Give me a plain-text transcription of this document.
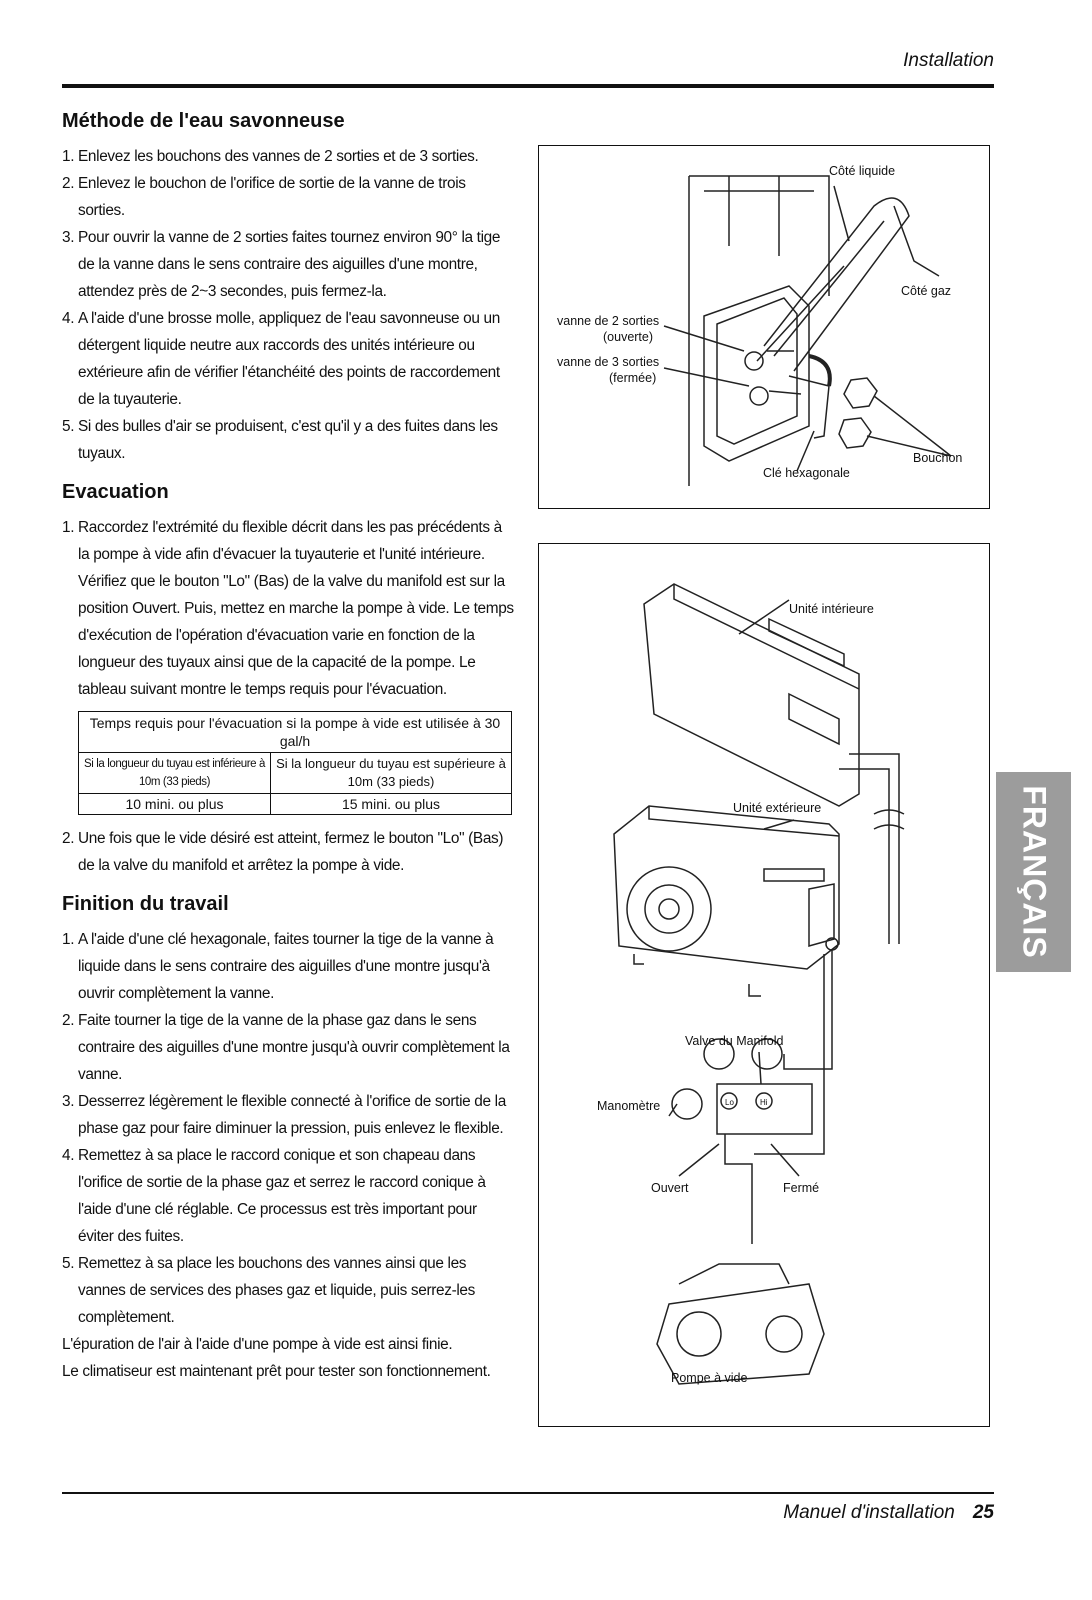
Installation
Méthode de l'eau savonneuse
1. Enlevez les bouchons des vannes de 2 sorties et de 3 sorties.
2. Enlevez le bouchon de l'orifice de sortie de la vanne de trois sorties.
3. Pour ouvrir la vanne de 2 sorties faites tournez environ 90° la tige de la vanne dans le sens contraire des aiguilles d'une montre, attendez près de 2~3 secondes, puis fermez-la.
4. A l'aide d'une brosse molle, appliquez de l'eau savonneuse ou un détergent liquide neutre aux raccords des unités intérieure ou extérieure afin de vérifier l'étanchéité des points de raccordement de la tuyauterie.
5. Si des bulles d'air se produisent, c'est qu'il y a des fuites dans les tuyaux.
Evacuation
1. Raccordez l'extrémité du flexible décrit dans les pas précédents à la pompe à vide afin d'évacuer la tuyauterie et l'unité intérieure. Vérifiez que le bouton "Lo" (Bas) de la valve du manifold est sur la position Ouvert. Puis, mettez en marche la pompe à vide. Le temps d'exécution de l'opération d'évacuation varie en fonction de la longueur des tuyaux ainsi que de la capacité de la pompe. Le tableau suivant montre le temps requis pour l'évacuation.
Temps requis pour l'évacuation si la pompe à vide est utilisée à 30 gal/h	
Si la longueur du tuyau est inférieure à 10m (33 pieds)	Si la longueur du tuyau est supérieure à 10m (33 pieds)
10 mini. ou plus	15 mini. ou plus
2. Une fois que le vide désiré est atteint, fermez le bouton "Lo" (Bas) de la valve du manifold et arrêtez la pompe à vide.
Finition du travail
1. A l'aide d'une clé hexagonale, faites tourner la tige de la vanne à liquide dans le sens contraire des aiguilles d'une montre jusqu'à ouvrir complètement la vanne.
2. Faite tourner la tige de la vanne de la phase gaz dans le sens contraire des aiguilles d'une montre jusqu'à ouvrir complètement la vanne.
3. Desserrez légèrement le flexible connecté à l'orifice de sortie de la phase gaz pour faire diminuer la pression, puis enlevez le flexible.
4. Remettez à sa place le raccord conique et son chapeau dans l'orifice de sortie de la phase gaz et serrez le raccord conique à l'aide d'une clé réglable. Ce processus est très important pour éviter des fuites.
5. Remettez à sa place les bouchons des vannes ainsi que les vannes de services des phases gaz et liquide, puis serrez-les complètement.
L'épuration de l'air à l'aide d'une pompe à vide est ainsi finie.
Le climatiseur est maintenant prêt pour tester son fonctionnement.
Côté liquide
Côté gaz
vanne de 2 sorties
(ouverte)
vanne de 3 sorties
(fermée)
Clé hexagonale
Bouchon
Unité intérieure
Unité extérieure
Valve du Manifold
Manomètre	Lo	Hi
Ouvert	Fermé
Pompe à vide
FRANÇAIS
Manuel d'installation 25
